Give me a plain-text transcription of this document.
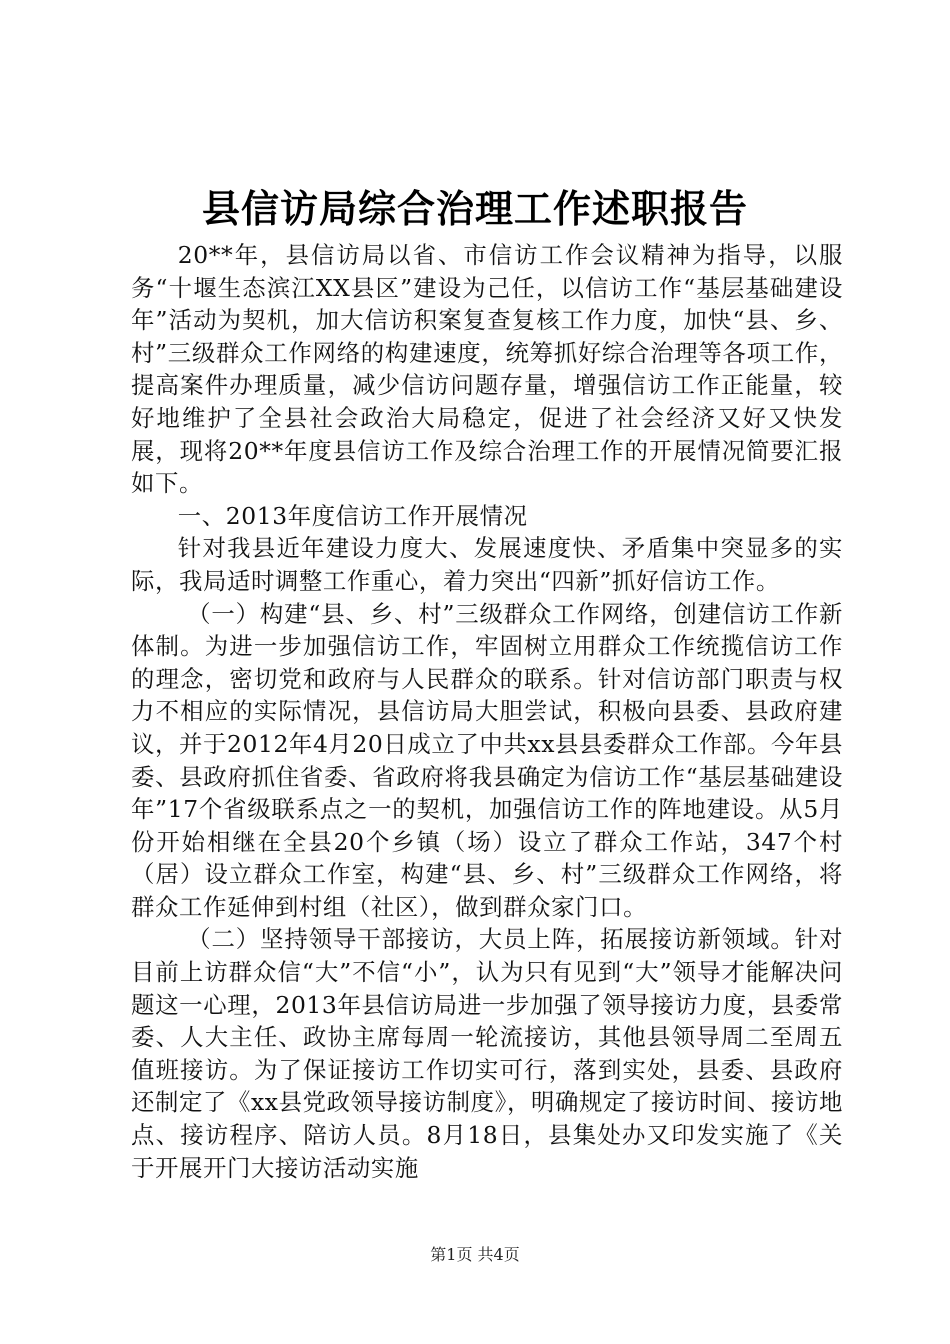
县信访局综合治理工作述职报告

20**年，县信访局以省、市信访工作会议精神为指导，以服务“十堰生态滨江XX县区”建设为己任，以信访工作“基层基础建设年”活动为契机，加大信访积案复查复核工作力度，加快“县、乡、村”三级群众工作网络的构建速度，统筹抓好综合治理等各项工作，提高案件办理质量，减少信访问题存量，增强信访工作正能量，较好地维护了全县社会政治大局稳定，促进了社会经济又好又快发展，现将20**年度县信访工作及综合治理工作的开展情况简要汇报如下。

一、2013年度信访工作开展情况

针对我县近年建设力度大、发展速度快、矛盾集中突显多的实际，我局适时调整工作重心，着力突出“四新”抓好信访工作。

（一）构建“县、乡、村”三级群众工作网络，创建信访工作新体制。为进一步加强信访工作，牢固树立用群众工作统揽信访工作的理念，密切党和政府与人民群众的联系。针对信访部门职责与权力不相应的实际情况，县信访局大胆尝试，积极向县委、县政府建议，并于2012年4月20日成立了中共xx县县委群众工作部。今年县委、县政府抓住省委、省政府将我县确定为信访工作“基层基础建设年”17个省级联系点之一的契机，加强信访工作的阵地建设。从5月份开始相继在全县20个乡镇（场）设立了群众工作站，347个村（居）设立群众工作室，构建“县、乡、村”三级群众工作网络，将群众工作延伸到村组（社区），做到群众家门口。

（二）坚持领导干部接访，大员上阵，拓展接访新领域。针对目前上访群众信“大”不信“小”，认为只有见到“大”领导才能解决问题这一心理，2013年县信访局进一步加强了领导接访力度，县委常委、人大主任、政协主席每周一轮流接访，其他县领导周二至周五值班接访。为了保证接访工作切实可行，落到实处，县委、县政府还制定了《xx县党政领导接访制度》，明确规定了接访时间、接访地点、接访程序、陪访人员。8月18日，县集处办又印发实施了《关于开展开门大接访活动实施

第1页 共4页
